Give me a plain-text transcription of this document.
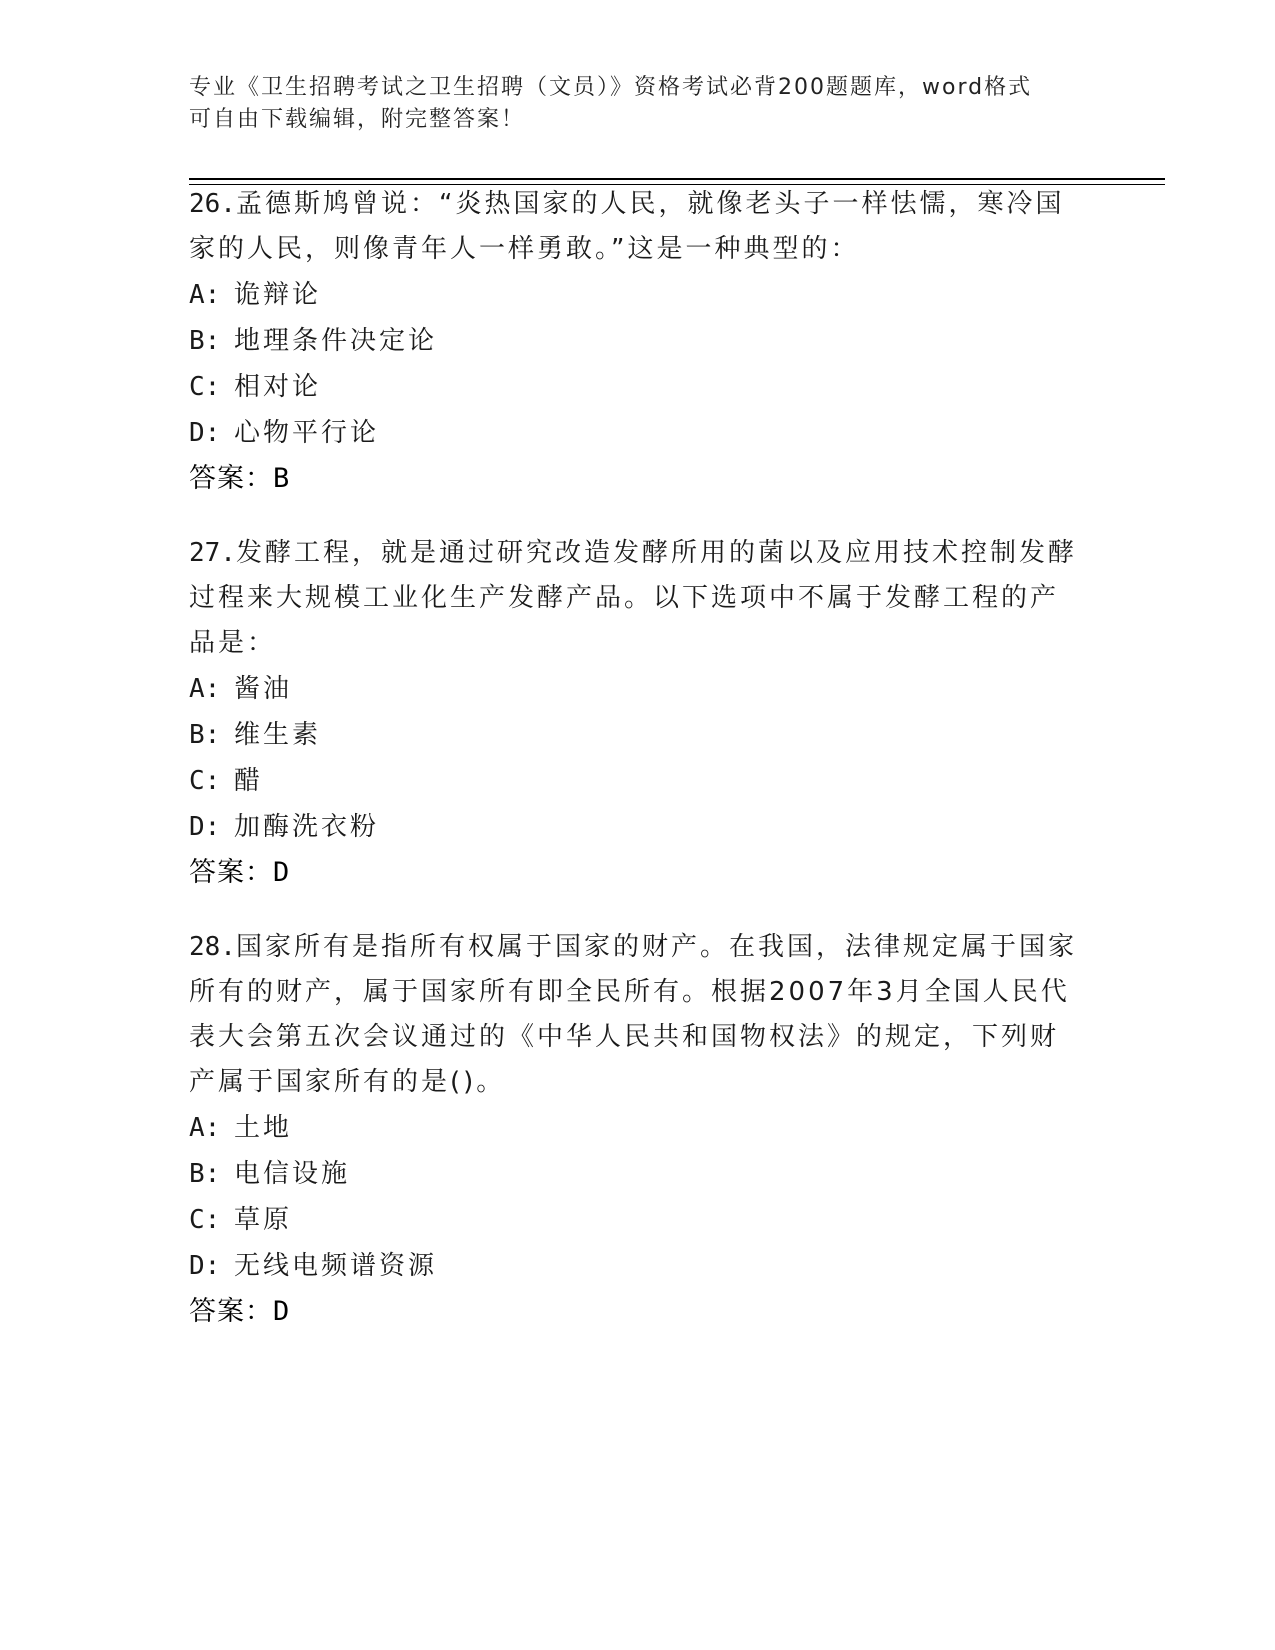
专业《卫生招聘考试之卫生招聘（文员）》资格考试必背200题题库，word格式
可自由下载编辑，附完整答案！
26.孟德斯鸠曾说：“炎热国家的人民，就像老头子一样怯懦，寒冷国
家的人民，则像青年人一样勇敢。”这是一种典型的：
A: 诡辩论
B: 地理条件决定论
C: 相对论
D: 心物平行论
答案：B
27.发酵工程，就是通过研究改造发酵所用的菌以及应用技术控制发酵
过程来大规模工业化生产发酵产品。以下选项中不属于发酵工程的产
品是：
A: 酱油
B: 维生素
C: 醋
D: 加酶洗衣粉
答案：D
28.国家所有是指所有权属于国家的财产。在我国，法律规定属于国家
所有的财产，属于国家所有即全民所有。根据2007年3月全国人民代
表大会第五次会议通过的《中华人民共和国物权法》的规定，下列财
产属于国家所有的是()。
A: 土地
B: 电信设施
C: 草原
D: 无线电频谱资源
答案：D
